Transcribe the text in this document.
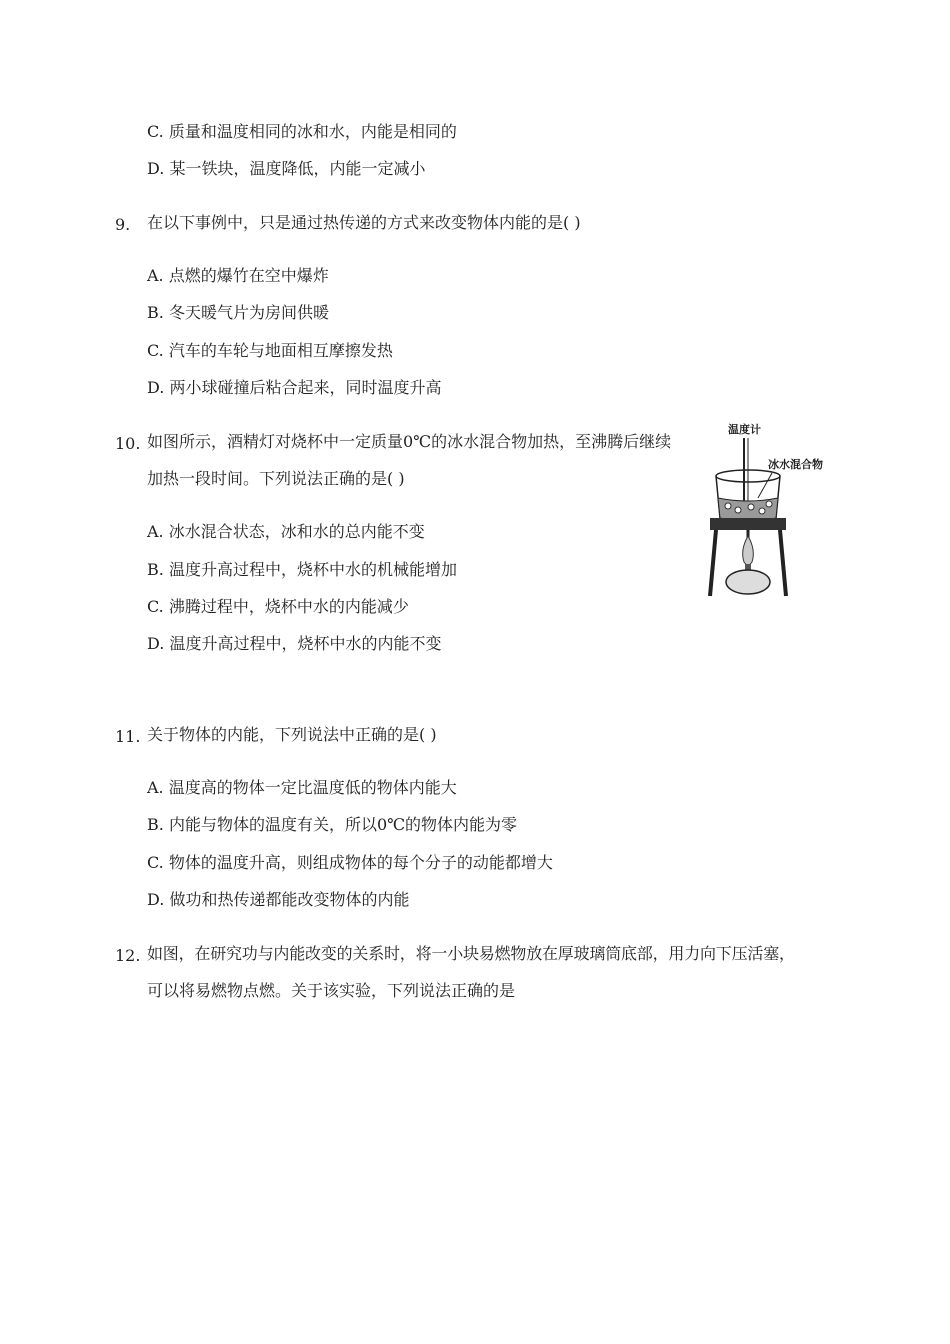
C. 质量和温度相同的冰和水，内能是相同的
D. 某一铁块，温度降低，内能一定减小
9. 在以下事例中，只是通过热传递的方式来改变物体内能的是( )
A. 点燃的爆竹在空中爆炸
B. 冬天暖气片为房间供暖
C. 汽车的车轮与地面相互摩擦发热
D. 两小球碰撞后粘合起来，同时温度升高
10. 如图所示，酒精灯对烧杯中一定质量0℃的冰水混合物加热，至沸腾后继续
加热一段时间。下列说法正确的是( )
A. 冰水混合状态，冰和水的总内能不变
B. 温度升高过程中，烧杯中水的机械能增加
C. 沸腾过程中，烧杯中水的内能减少
D. 温度升高过程中，烧杯中水的内能不变
温度计
冰水混合物
11. 关于物体的内能，下列说法中正确的是( )
A. 温度高的物体一定比温度低的物体内能大
B. 内能与物体的温度有关，所以0℃的物体内能为零
C. 物体的温度升高，则组成物体的每个分子的动能都增大
D. 做功和热传递都能改变物体的内能
12. 如图，在研究功与内能改变的关系时，将一小块易燃物放在厚玻璃筒底部，用力向下压活塞，
可以将易燃物点燃。关于该实验，下列说法正确的是
